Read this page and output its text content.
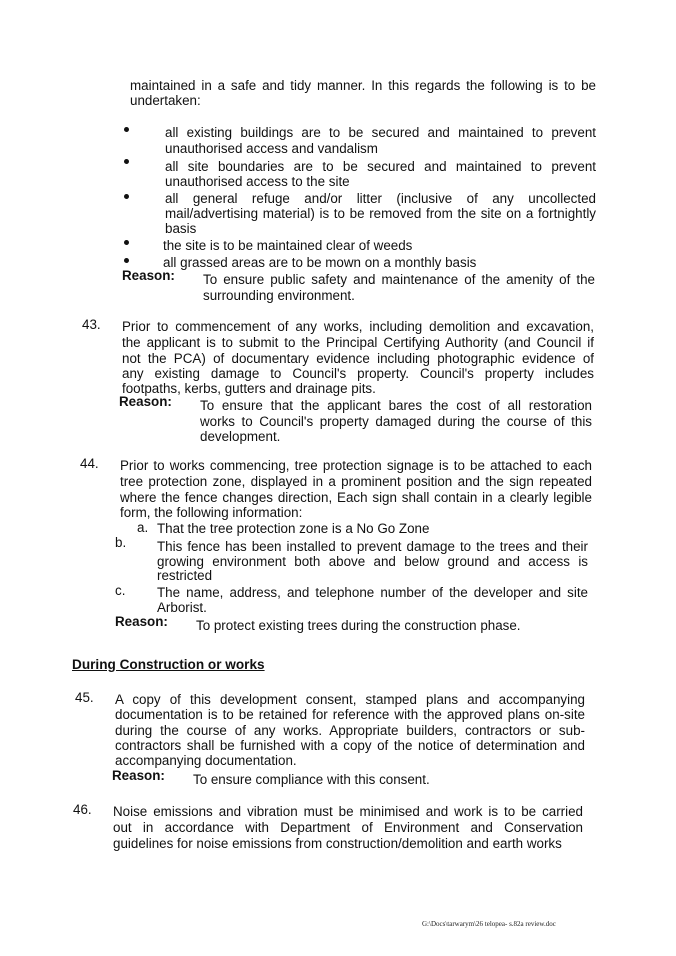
maintained in a safe and tidy manner. In this regards the following is to be
undertaken:
all existing buildings are to be secured and maintained to prevent
unauthorised access and vandalism
all site boundaries are to be secured and maintained to prevent
unauthorised access to the site
all general refuge and/or litter (inclusive of any uncollected
mail/advertising material) is to be removed from the site on a fortnightly
basis
the site is to be maintained clear of weeds
all grassed areas are to be mown on a monthly basis
Reason: To ensure public safety and maintenance of the amenity of the
surrounding environment.
43. Prior to commencement of any works, including demolition and excavation,
the applicant is to submit to the Principal Certifying Authority (and Council if
not the PCA) of documentary evidence including photographic evidence of
any existing damage to Council's property. Council's property includes
footpaths, kerbs, gutters and drainage pits.
Reason: To ensure that the applicant bares the cost of all restoration
works to Council's property damaged during the course of this
development.
44. Prior to works commencing, tree protection signage is to be attached to each
tree protection zone, displayed in a prominent position and the sign repeated
where the fence changes direction, Each sign shall contain in a clearly legible
form, the following information:
a. That the tree protection zone is a No Go Zone
b. This fence has been installed to prevent damage to the trees and their
growing environment both above and below ground and access is
restricted
c. The name, address, and telephone number of the developer and site
Arborist.
Reason: To protect existing trees during the construction phase.
During Construction or works
45. A copy of this development consent, stamped plans and accompanying
documentation is to be retained for reference with the approved plans on-site
during the course of any works. Appropriate builders, contractors or sub-
contractors shall be furnished with a copy of the notice of determination and
accompanying documentation.
Reason: To ensure compliance with this consent.
46. Noise emissions and vibration must be minimised and work is to be carried
out in accordance with Department of Environment and Conservation
guidelines for noise emissions from construction/demolition and earth works
G:\Docs\tarwarym\26 telopea- s.82a review.doc
